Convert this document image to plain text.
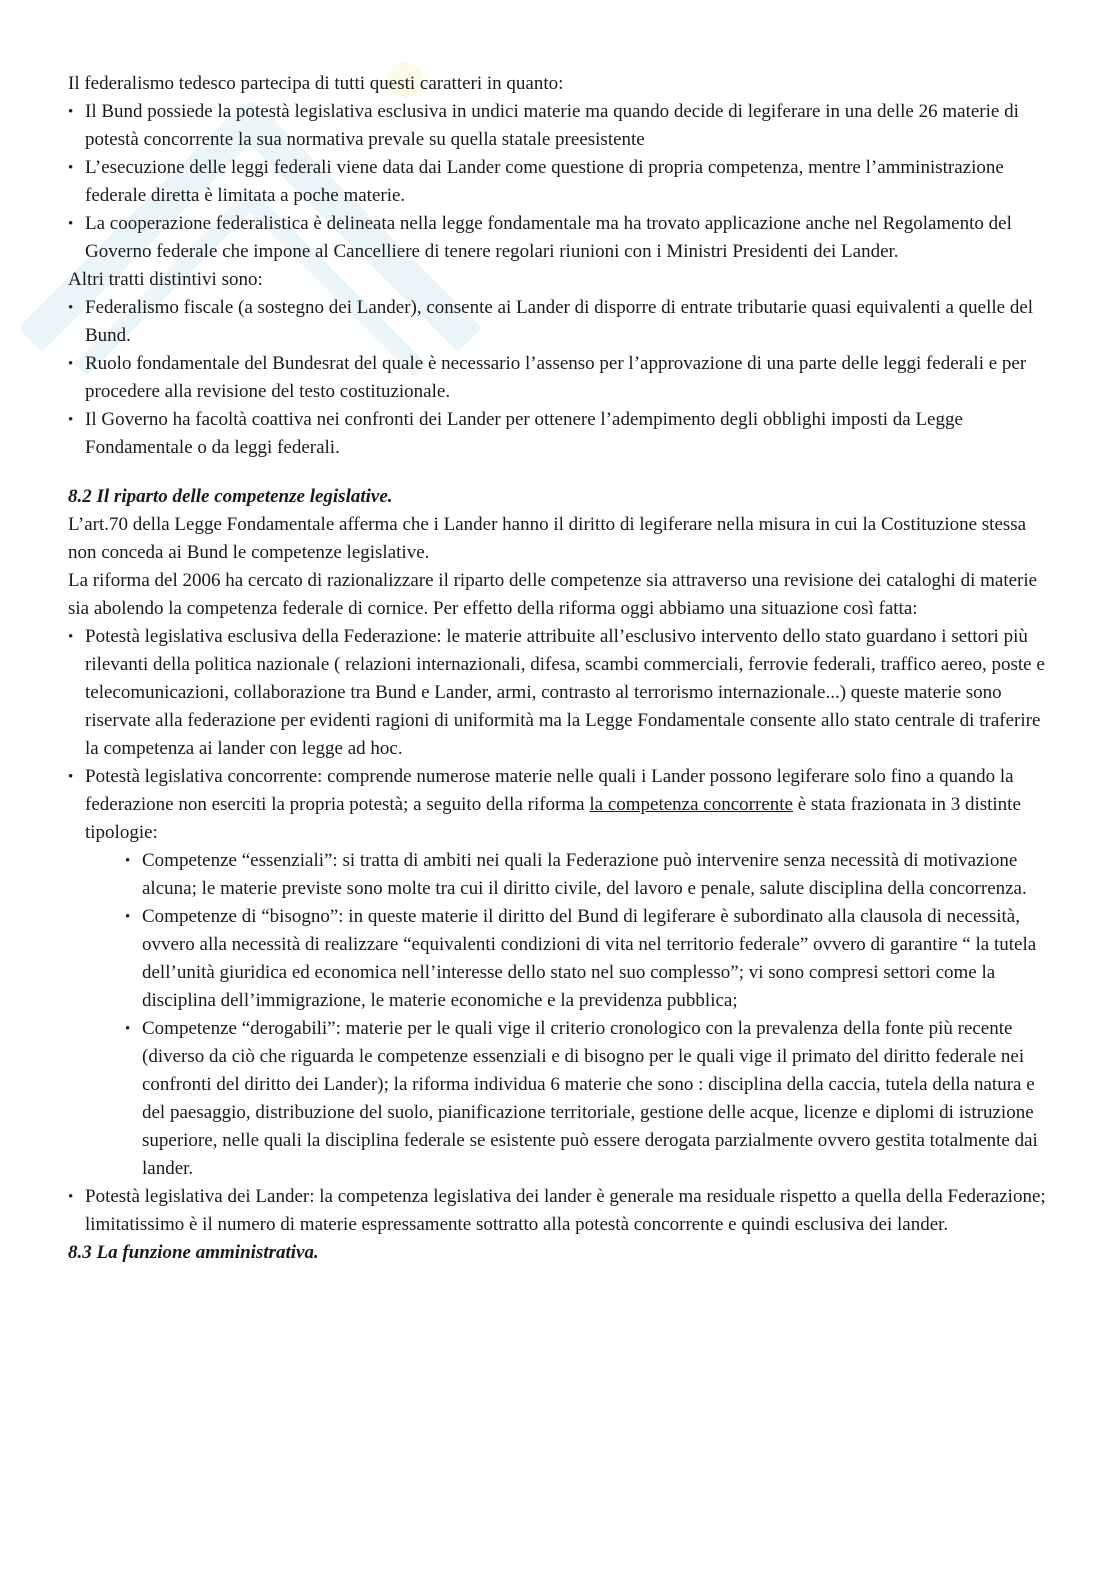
Il federalismo tedesco partecipa di tutti questi caratteri in quanto:

• Il Bund possiede la potestà legislativa esclusiva in undici materie ma quando decide di legiferare in una delle 26 materie di potestà concorrente la sua normativa prevale su quella statale preesistente
• L’esecuzione delle leggi federali viene data dai Lander come questione di propria competenza, mentre l’amministrazione federale diretta è limitata a poche materie.
• La cooperazione federalistica è delineata nella legge fondamentale ma ha trovato applicazione anche nel Regolamento del Governo federale che impone al Cancelliere di tenere regolari riunioni con i Ministri Presidenti dei Lander.

Altri tratti distintivi sono:

• Federalismo fiscale (a sostegno dei Lander), consente ai Lander di disporre di entrate tributarie quasi equivalenti a quelle del Bund.
• Ruolo fondamentale del Bundesrat del quale è necessario l’assenso per l’approvazione di una parte delle leggi federali e per procedere alla revisione del testo costituzionale.
• Il Governo ha facoltà coattiva nei confronti dei Lander per ottenere l’adempimento degli obblighi imposti da Legge Fondamentale o da leggi federali.

8.2 Il riparto delle competenze legislative.

L’art.70 della Legge Fondamentale afferma che i Lander hanno il diritto di legiferare nella misura in cui la Costituzione stessa non conceda ai Bund le competenze legislative.

La riforma del 2006 ha cercato di razionalizzare il riparto delle competenze sia attraverso una revisione dei cataloghi di materie sia abolendo la competenza federale di cornice. Per effetto della riforma oggi abbiamo una situazione così fatta:

• Potestà legislativa esclusiva della Federazione: le materie attribuite all’esclusivo intervento dello stato guardano i settori più rilevanti della politica nazionale ( relazioni internazionali, difesa, scambi commerciali, ferrovie federali, traffico aereo, poste e telecomunicazioni, collaborazione tra Bund e Lander, armi, contrasto al terrorismo internazionale...) queste materie sono riservate alla federazione per evidenti ragioni di uniformità ma la Legge Fondamentale consente allo stato centrale di traferire la competenza ai lander con legge ad hoc.
• Potestà legislativa concorrente: comprende numerose materie nelle quali i Lander possono legiferare solo fino a quando la federazione non eserciti la propria potestà; a seguito della riforma la competenza concorrente è stata frazionata in 3 distinte tipologie:
• Competenze “essenziali”: si tratta di ambiti nei quali la Federazione può intervenire senza necessità di motivazione alcuna; le materie previste sono molte tra cui il diritto civile, del lavoro e penale, salute disciplina della concorrenza.
• Competenze di “bisogno”: in queste materie il diritto del Bund di legiferare è subordinato alla clausola di necessità, ovvero alla necessità di realizzare “equivalenti condizioni di vita nel territorio federale” ovvero di garantire “ la tutela dell’unità giuridica ed economica nell’interesse dello stato nel suo complesso”; vi sono compresi settori come la disciplina dell’immigrazione, le materie economiche e la previdenza pubblica;
• Competenze “derogabili”: materie per le quali vige il criterio cronologico con la prevalenza della fonte più recente (diverso da ciò che riguarda le competenze essenziali e di bisogno per le quali vige il primato del diritto federale nei confronti del diritto dei Lander); la riforma individua 6 materie che sono : disciplina della caccia, tutela della natura e del paesaggio, distribuzione del suolo, pianificazione territoriale, gestione delle acque, licenze e diplomi di istruzione superiore, nelle quali la disciplina federale se esistente può essere derogata parzialmente ovvero gestita totalmente dai lander.
• Potestà legislativa dei Lander: la competenza legislativa dei lander è generale ma residuale rispetto a quella della Federazione; limitatissimo è il numero di materie espressamente sottratto alla potestà concorrente e quindi esclusiva dei lander.

8.3 La funzione amministrativa.
